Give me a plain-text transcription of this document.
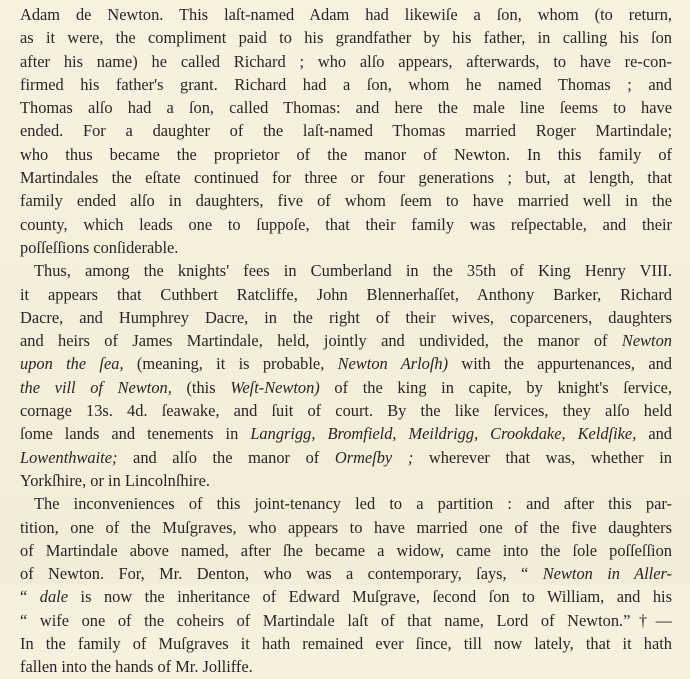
Adam de Newton. This laſt-named Adam had likewiſe a ſon, whom (to return,
as it were, the compliment paid to his grandfather by his father, in calling his ſon
after his name) he called Richard ; who alſo appears, afterwards, to have re-con-
firmed his father's grant. Richard had a ſon, whom he named Thomas ; and
Thomas alſo had a ſon, called Thomas: and here the male line ſeems to have
ended. For a daughter of the laſt-named Thomas married Roger Martindale;
who thus became the proprietor of the manor of Newton. In this family of
Martindales the eſtate continued for three or four generations ; but, at length, that
family ended alſo in daughters, five of whom ſeem to have married well in the
county, which leads one to ſuppoſe, that their family was reſpectable, and their
poſſeſſions conſiderable.
Thus, among the knights' fees in Cumberland in the 35th of King Henry VIII.
it appears that Cuthbert Ratcliffe, John Blennerhaſſet, Anthony Barker, Richard
Dacre, and Humphrey Dacre, in the right of their wives, coparceners, daughters
and heirs of James Martindale, held, jointly and undivided, the manor of Newton
upon the ſea, (meaning, it is probable, Newton Arloſh) with the appurtenances, and
the vill of Newton, (this Weſt-Newton) of the king in capite, by knight's ſervice,
cornage 13s. 4d. ſeawake, and ſuit of court. By the like ſervices, they alſo held
ſome lands and tenements in Langrigg, Bromfield, Meildrigg, Crookdake, Keldſike, and
Lowenthwaite; and alſo the manor of Ormeſby ; wherever that was, whether in
Yorkſhire, or in Lincolnſhire.
The inconveniences of this joint-tenancy led to a partition : and after this par-
tition, one of the Muſgraves, who appears to have married one of the five daughters
of Martindale above named, after ſhe became a widow, came into the ſole poſſeſſion
of Newton. For, Mr. Denton, who was a contemporary, ſays, “ Newton in Aller-
“ dale is now the inheritance of Edward Muſgrave, ſecond ſon to William, and his
“ wife one of the coheirs of Martindale laſt of that name, Lord of Newton.”†—
In the family of Muſgraves it hath remained ever ſince, till now lately, that it hath
fallen into the hands of Mr. Jolliffe.
